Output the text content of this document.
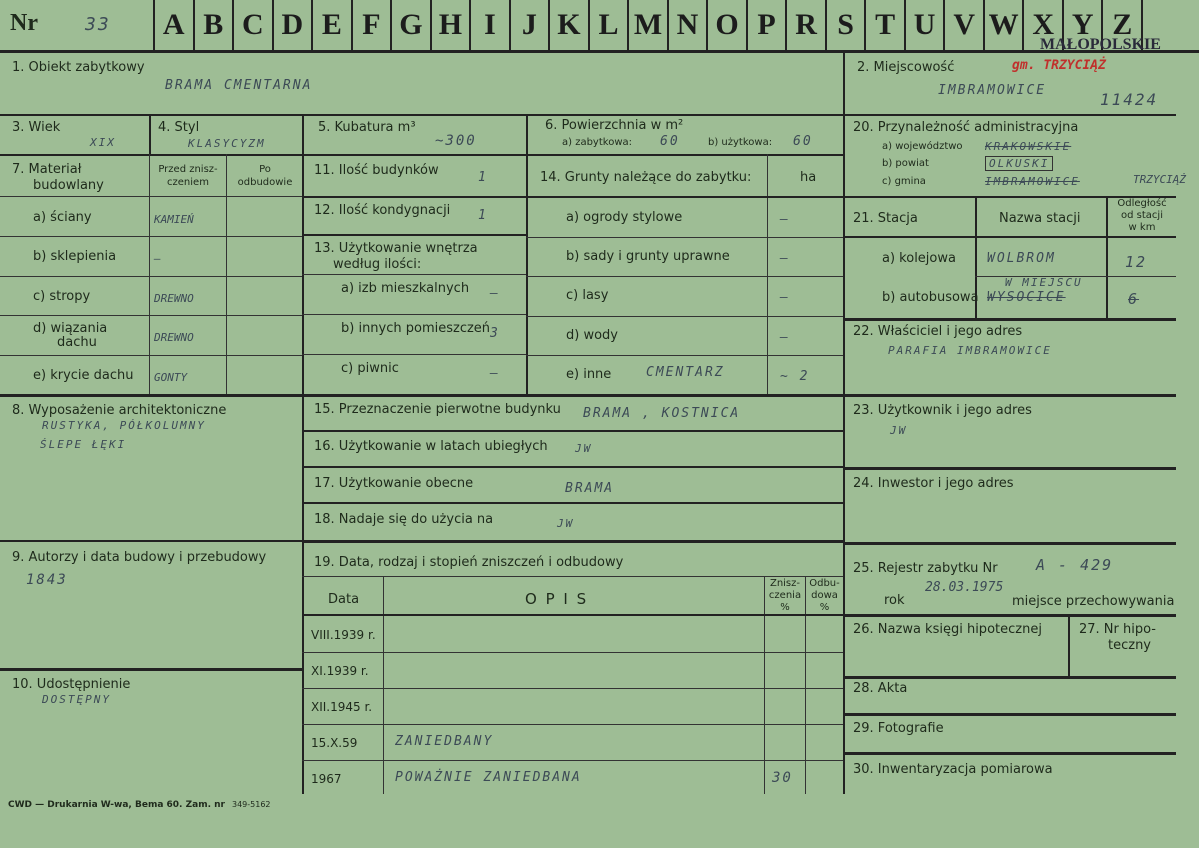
Nr	33 A B C D E F G H I J K L M N O P R S T U V W X Y Z
MAŁOPOLSKIE
1. Obiekt zabytkowy
BRAMA CMENTARNA
2. Miejscowość	gm. TRZYCIĄŻ
IMBRAMOWICE	11424
3. Wiek
XIX
4. Styl
KLASYCYZM
5. Kubatura m³
~300
6. Powierzchnia w m²
a) zabytkowa: 60	b) użytkowa: 60
7. Materiał
budowlany
Przed znisz-
czeniem
Po
odbudowie
a) ściany	KAMIEŃ
b) sklepienia	—
c) stropy	DREWNO
d) wiązania
dachu	DREWNO
e) krycie dachu GONTY
11. Ilość budynków	1
12. Ilość kondygnacji 1
13. Użytkowanie wnętrza
według ilości:
a) izb mieszkalnych —
b) innych pomieszczeń 3
c) piwnic	—
14. Grunty należące do zabytku:	ha
a) ogrody stylowe	—
b) sady i grunty uprawne	—
c) lasy	—
d) wody	—
e) inne	CMENTARZ	~ 2
20. Przynależność administracyjna
a) województwo KRAKOWSKIE
b) powiat	OLKUSKI
c) gmina	IMBRAMOWICE	TRZYCIĄŻ
21. Stacja	Nazwa stacji
Odległość
od stacji
w km
a) kolejowa WOLBROM	12
b) autobusowa
W MIEJSCU
WYSOCICE	6
22. Właściciel i jego adres
PARAFIA IMBRAMOWICE
8. Wyposażenie architektoniczne
RUSTYKA, PÓŁKOLUMNY
ŚLEPE ŁĘKI
15. Przeznaczenie pierwotne budynku BRAMA , KOSTNICA
16. Użytkowanie w latach ubiegłych JW
17. Użytkowanie obecne	BRAMA
18. Nadaje się do użycia na	JW
23. Użytkownik i jego adres
JW
24. Inwestor i jego adres
9. Autorzy i data budowy i przebudowy
1843
19. Data, rodzaj i stopień zniszczeń i odbudowy
Data	O P I S
Znisz-
czenia
%
Odbu-
dowa
%
VIII.1939 r.
XI.1939 r.
XII.1945 r.
15.X.59	ZANIEDBANY
1967	POWAŻNIE ZANIEDBANA	30
25. Rejestr zabytku Nr	A - 429
rok
28.03.1975
miejsce przechowywania
26. Nazwa księgi hipotecznej	27. Nr hipo-
teczny
10. Udostępnienie
DOSTĘPNY
28. Akta
29. Fotografie
30. Inwentaryzacja pomiarowa
CWD — Drukarnia W-wa, Bema 60. Zam. nr 349-5162
